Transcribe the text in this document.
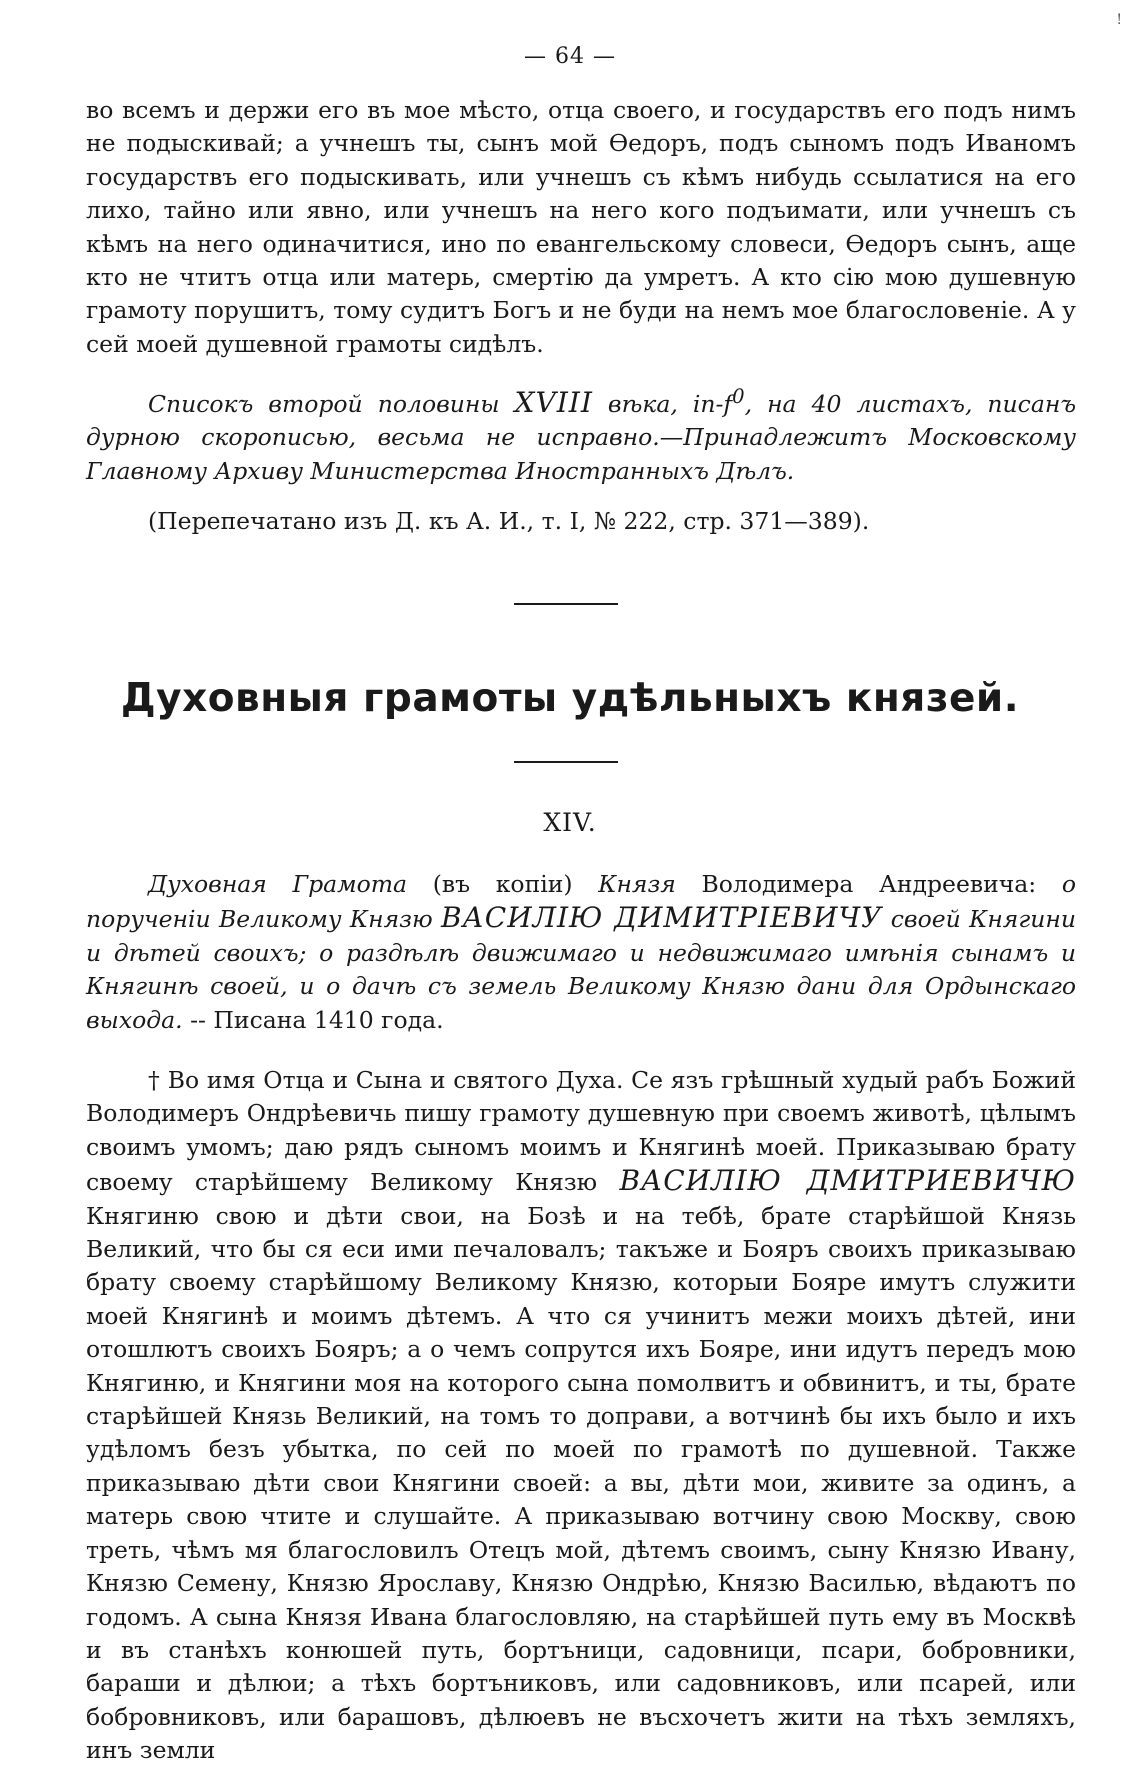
!
— 64 —

во всемъ и держи его въ мое мѣсто, отца своего, и государствъ его подъ нимъ не подыскивай; а учнешъ ты, сынъ мой Ѳедоръ, подъ сыномъ подъ Иваномъ государствъ его подыскивать, или учнешъ съ кѣмъ нибудь ссылатися на его лихо, тайно или явно, или учнешъ на него кого подъимати, или учнешъ съ кѣмъ на него одиначитися, ино по евангельскому словеси, Ѳедоръ сынъ, аще кто не чтитъ отца или матерь, смертію да умретъ. А кто сію мою душевную грамоту порушитъ, тому судитъ Богъ и не буди на немъ мое благословеніе. А у сей моей душевной грамоты сидѣлъ.

Списокъ второй половины XVIII вѣка, $in-f^0$, на 40 листахъ, писанъ дурною скорописью, весьма не исправно.—Принадлежитъ Московскому Главному Архиву Министерства Иностранныхъ Дѣлъ.

(Перепечатано изъ Д. къ А. И., т. I, № 222, стр. 371—389).

Духовныя грамоты удѣльныхъ князей.
XIV.

Духовная Грамота (въ копіи) Князя Володимера Андреевича: о порученіи Великому Князю ВАСИЛІЮ ДИМИТРІЕВИЧУ своей Княгини и дѣтей своихъ; о раздѣлѣ движимаго и недвижимаго имѣнія сынамъ и Княгинѣ своей, и о дачѣ съ земель Великому Князю дани для Ордынскаго выхода. -- Писана 1410 года.

† Во имя Отца и Сына и святого Духа. Се язъ грѣшный худый рабъ Божий Володимеръ Ондрѣевичь пишу грамоту душевную при своемъ животѣ, цѣлымъ своимъ умомъ; даю рядъ сыномъ моимъ и Княгинѣ моей. Приказываю брату своему старѣйшему Великому Князю ВАСИЛІЮ ДМИТРИЕВИЧЮ Княгиню свою и дѣти свои, на Бозѣ и на тебѣ, брате старѣйшой Князь Великий, что бы ся еси ими печаловалъ; такъже и Бояръ своихъ приказываю брату своему старѣйшому Великому Князю, которыи Бояре имутъ служити моей Княгинѣ и моимъ дѣтемъ. А что ся учинитъ межи моихъ дѣтей, ини отошлютъ своихъ Бояръ; а о чемъ сопрутся ихъ Бояре, ини идутъ передъ мою Княгиню, и Княгини моя на которого сына помолвитъ и обвинитъ, и ты, брате старѣйшей Князь Великий, на томъ то доправи, а вотчинѣ бы ихъ было и ихъ удѣломъ безъ убытка, по сей по моей по грамотѣ по душевной. Также приказываю дѣти свои Княгини своей: а вы, дѣти мои, живите за одинъ, а матерь свою чтите и слушайте. А приказываю вотчину свою Москву, свою треть, чѣмъ мя благословилъ Отецъ мой, дѣтемъ своимъ, сыну Князю Ивану, Князю Семену, Князю Ярославу, Князю Ондрѣю, Князю Василью, вѣдаютъ по годомъ. А сына Князя Ивана благословляю, на старѣйшей путь ему въ Москвѣ и въ станѣхъ конюшей путь, бортъници, садовници, псари, бобровники, бараши и дѣлюи; а тѣхъ бортъниковъ, или садовниковъ, или псарей, или бобровниковъ, или барашовъ, дѣлюевъ не въсхочетъ жити на тѣхъ земляхъ, инъ земли
